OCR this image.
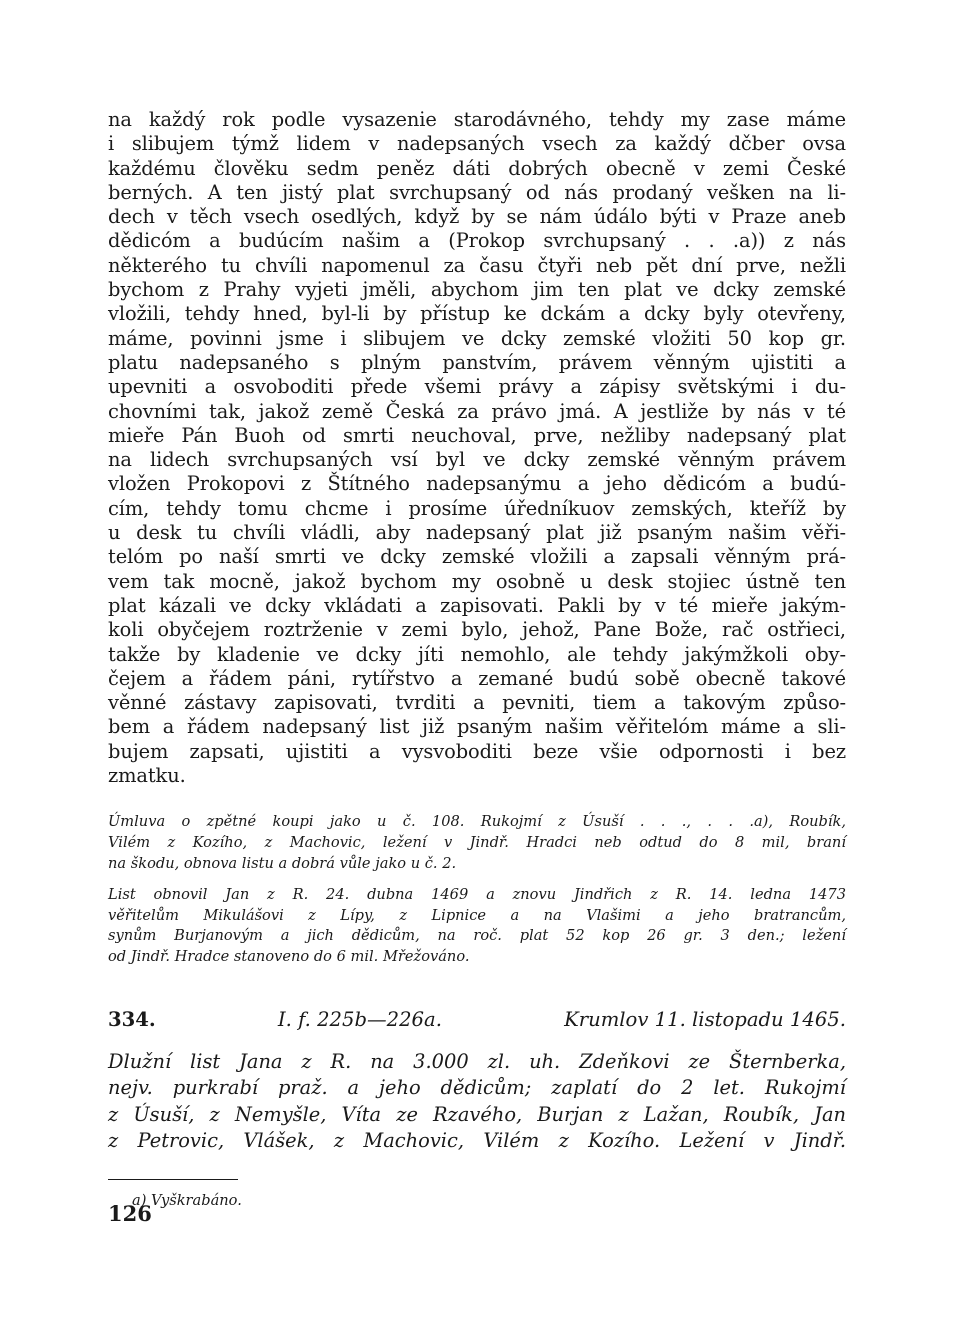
na každý rok podle vysazenie starodávného, tehdy my zase máme

i slibujem týmž lidem v nadepsaných vsech za každý dčber ovsa

každému člověku sedm peněz dáti dobrých obecně v zemi České

berných. A ten jistý plat svrchupsaný od nás prodaný vešken na li-

dech v těch vsech osedlých, když by se nám údálo býti v Praze aneb

dědicóm a budúcím našim a (Prokop svrchupsaný . . .a)) z nás

některého tu chvíli napomenul za času čtyři neb pět dní prve, nežli

bychom z Prahy vyjeti jměli, abychom jim ten plat ve dcky zemské

vložili, tehdy hned, byl-li by přístup ke dckám a dcky byly otevřeny,

máme, povinni jsme i slibujem ve dcky zemské vložiti 50 kop gr.

platu nadepsaného s plným panstvím, právem věnným ujistiti a

upevniti a osvoboditi přede všemi právy a zápisy světskými i du-

chovními tak, jakož země Česká za právo jmá. A jestliže by nás v té

mieře Pán Buoh od smrti neuchoval, prve, nežliby nadepsaný plat

na lidech svrchupsaných vsí byl ve dcky zemské věnným právem

vložen Prokopovi z Štítného nadepsanýmu a jeho dědicóm a budú-

cím, tehdy tomu chcme i prosíme úředníkuov zemských, kteříž by

u desk tu chvíli vládli, aby nadepsaný plat již psaným našim věři-

telóm po naší smrti ve dcky zemské vložili a zapsali věnným prá-

vem tak mocně, jakož bychom my osobně u desk stojiec ústně ten

plat kázali ve dcky vkládati a zapisovati. Pakli by v té mieře jakým-

koli obyčejem roztrženie v zemi bylo, jehož, Pane Bože, rač ostřieci,

takže by kladenie ve dcky jíti nemohlo, ale tehdy jakýmžkoli oby-

čejem a řádem páni, rytířstvo a zemané budú sobě obecně takové

věnné zástavy zapisovati, tvrditi a pevniti, tiem a takovým způso-

bem a řádem nadepsaný list již psaným našim věřitelóm máme a sli-

bujem zapsati, ujistiti a vysvoboditi beze všie odpornosti i bez

zmatku.

Úmluva o zpětné koupi jako u č. 108. Rukojmí z Úsuší . . ., . . .a), Roubík,

Vilém z Kozího, z Machovic, ležení v Jindř. Hradci neb odtud do 8 mil, braní

na škodu, obnova listu a dobrá vůle jako u č. 2.

List obnovil Jan z R. 24. dubna 1469 a znovu Jindřich z R. 14. ledna 1473

věřitelům Mikulášovi z Lípy, z Lipnice a na Vlašimi a jeho bratrancům,

synům Burjanovým a jich dědicům, na roč. plat 52 kop 26 gr. 3 den.; ležení

od Jindř. Hradce stanoveno do 6 mil. Mřežováno.

334.	I. f. 225b—226a.	Krumlov 11. listopadu 1465.

Dlužní list Jana z R. na 3.000 zl. uh. Zdeňkovi ze Šternberka,

nejv. purkrabí praž. a jeho dědicům; zaplatí do 2 let. Rukojmí

z Úsuší, z Nemyšle, Víta ze Rzavého, Burjan z Lažan, Roubík, Jan

z Petrovic, Vlášek, z Machovic, Vilém z Kozího. Ležení v Jindř.

a) Vyškrabáno.
126
